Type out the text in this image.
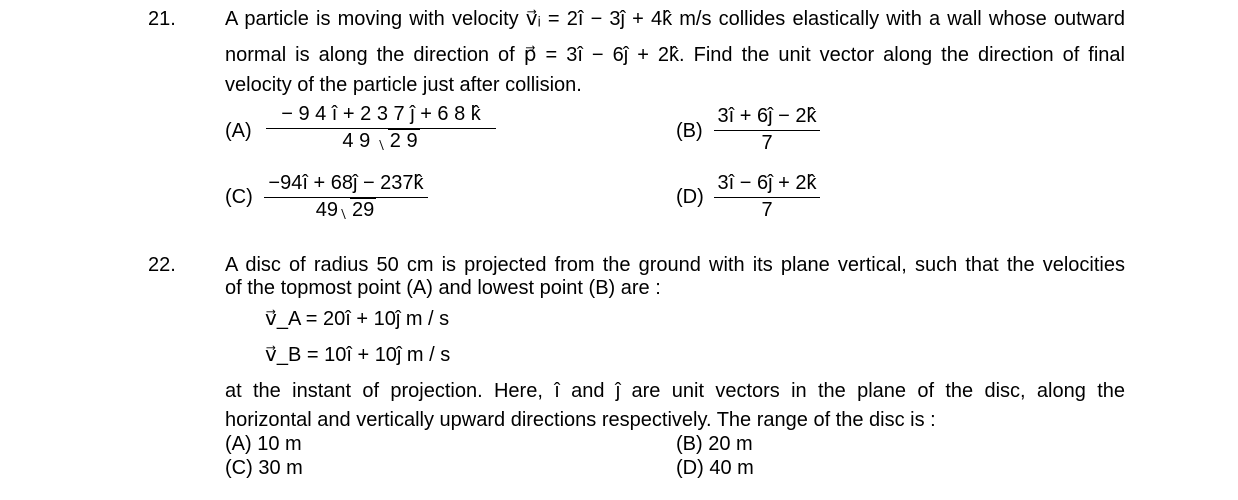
21. A particle is moving with velocity v⃗ᵢ = 2î − 3ĵ + 4k̂ m/s collides elastically with a wall whose outward
normal is along the direction of p⃗ = 3î − 6ĵ + 2k̂. Find the unit vector along the direction of final
velocity of the particle just after collision.
(A)
− 9 4 î + 2 3 7 ĵ + 6 8 k̂
4 9 2 9	(B)
3î + 6ĵ − 2k̂
7
(C)
−94î + 68ĵ − 237k̂
49 29
(D)
3î − 6ĵ + 2k̂
7
22. A disc of radius 50 cm is projected from the ground with its plane vertical, such that the velocities
of the topmost point (A) and lowest point (B) are :
v⃗_A = 20î + 10ĵ m / s
v⃗_B = 10î + 10ĵ m / s
at the instant of projection. Here, î and ĵ are unit vectors in the plane of the disc, along the
horizontal and vertically upward directions respectively. The range of the disc is :
(A) 10 m	(B) 20 m
(C) 30 m	(D) 40 m
